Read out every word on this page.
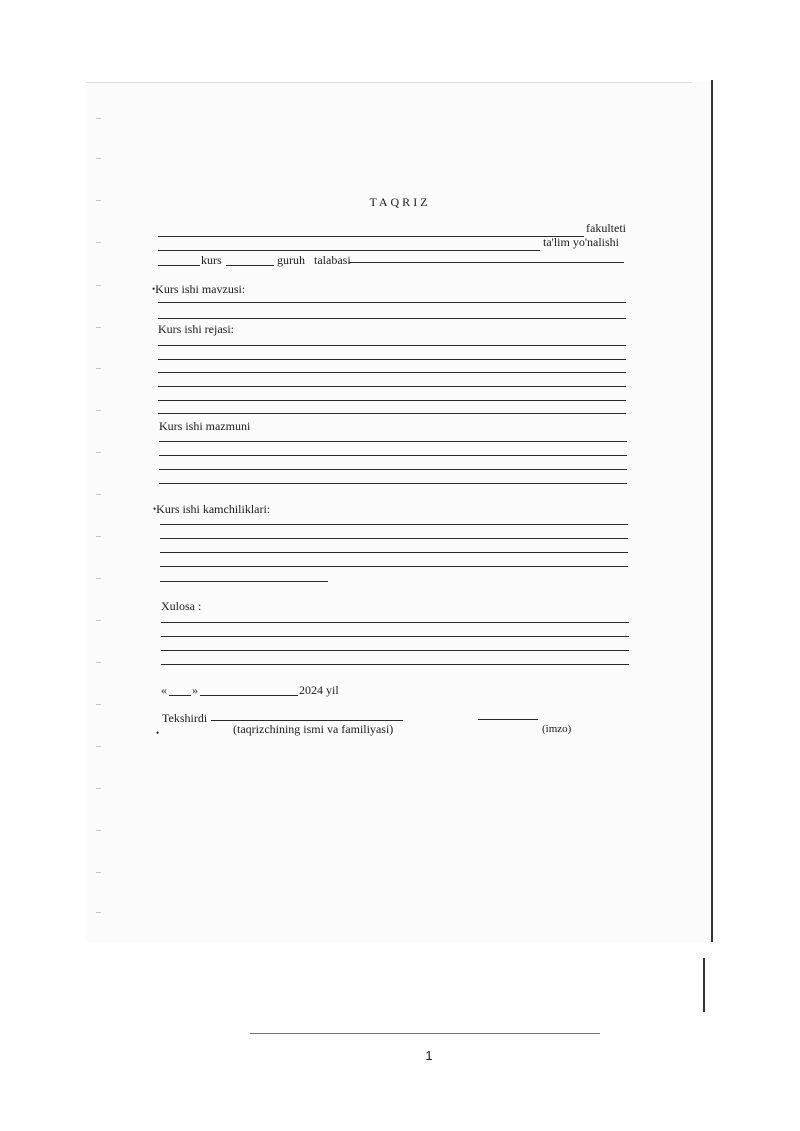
TAQRIZ
fakulteti
ta'lim yo'nalishi
kurs	guruh talabasi
•Kurs ishi mavzusi:
Kurs ishi rejasi:
Kurs ishi mazmuni
•Kurs ishi kamchiliklari:
Xulosa :
« »	2024 yil
Tekshirdi
(taqrizchining ismi va familiyasi)	(imzo)
•
1
